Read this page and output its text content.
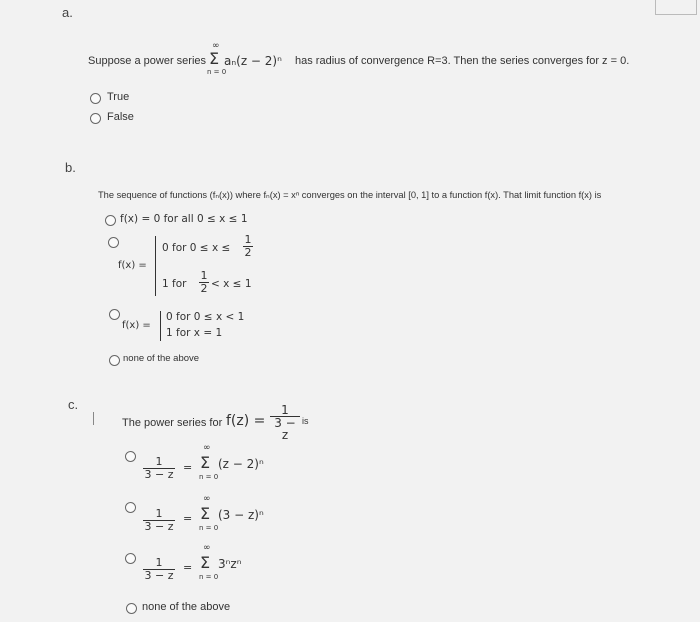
a.
Suppose a power series
∞
Σ
n = 0
aₙ(z − 2)ⁿ has radius of convergence R=3. Then the series converges for z = 0.
True
False
b.
The sequence of functions (fₙ(x)) where fₙ(x) = xⁿ converges on the interval [0, 1] to a function f(x). That limit function f(x) is
f(x) = 0 for all 0 ≤ x ≤ 1
f(x) =
0 for 0 ≤ x ≤
1
2
1 for
1
2 < x ≤ 1
f(x) =
0 for 0 ≤ x < 1
1 for x = 1
none of the above
c.
The power series for f(z) =
1
3 − z
is
1
3 − z
=
∞
Σ
n = 0
(z − 2)ⁿ
1
3 − z
=
∞
Σ
n = 0
(3 − z)ⁿ
1
3 − z
=
∞
Σ
n = 0
3ⁿzⁿ
none of the above
